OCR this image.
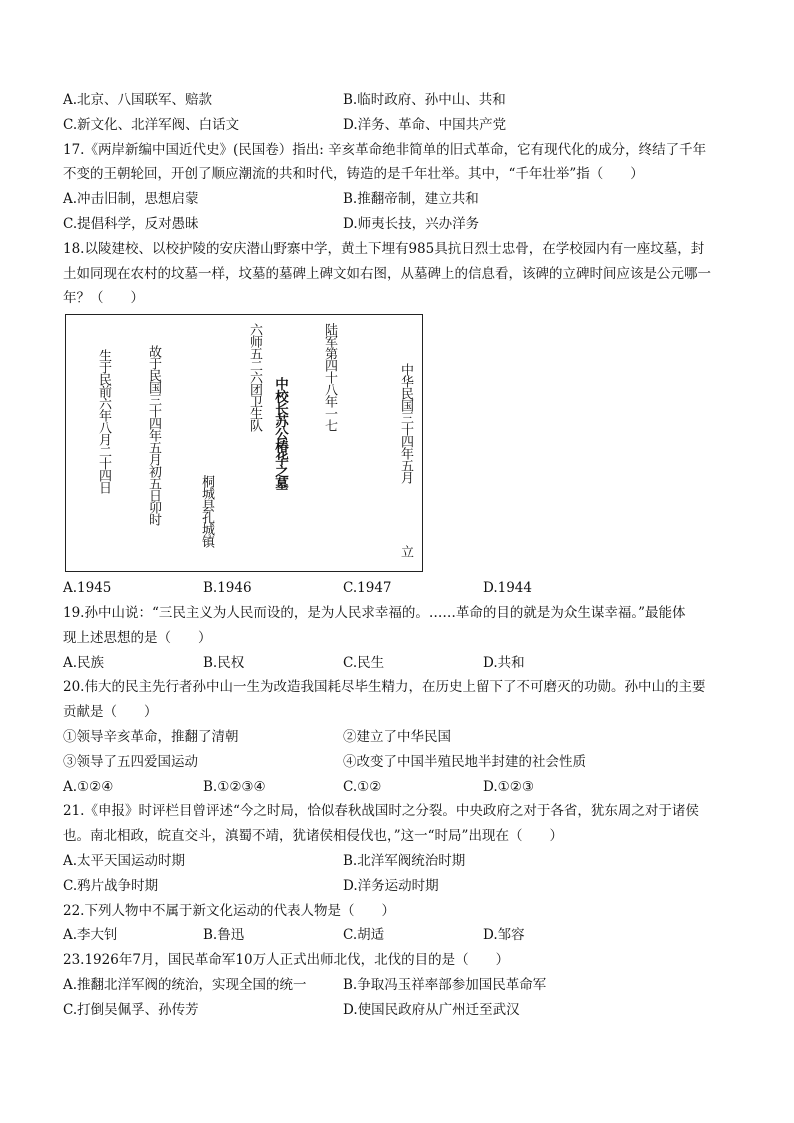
A.北京、八国联军、赔款	B.临时政府、孙中山、共和
C.新文化、北洋军阀、白话文	D.洋务、革命、中国共产党
17.《两岸新编中国近代史》(民国卷）指出: 辛亥革命绝非简单的旧式革命，它有现代化的成分，终结了千年
不变的王朝轮回，开创了顺应潮流的共和时代，铸造的是千年壮举。其中，“千年壮举”指（　　）
A.冲击旧制，思想启蒙	B.推翻帝制，建立共和
C.提倡科学，反对愚昧	D.师夷长技，兴办洋务
18.以陵建校、以校护陵的安庆潜山野寨中学，黄土下埋有985具抗日烈士忠骨，在学校园内有一座坟墓，封
土如同现在农村的坟墓一样，坟墓的墓碑上碑文如右图，从墓碑上的信息看，该碑的立碑时间应该是公元哪一
年？（　　）
中华民国三十四年五月
立
陆军第四十八年一七
中校长苏公椿华之墓
六师五二六团卫生队
桐城县孔城镇
故于民国三十四年五月初五日卯时
生于民前六年八月二十四日
A.1945	B.1946	C.1947	D.1944
19.孙中山说：“三民主义为人民而设的，是为人民求幸福的。……革命的目的就是为众生谋幸福。”最能体
现上述思想的是（　　）
A.民族	B.民权	C.民生	D.共和
20.伟大的民主先行者孙中山一生为改造我国耗尽毕生精力，在历史上留下了不可磨灭的功勋。孙中山的主要
贡献是（　　）
①领导辛亥革命，推翻了清朝	②建立了中华民国
③领导了五四爱国运动	④改变了中国半殖民地半封建的社会性质
A.①②④	B.①②③④	C.①②	D.①②③
21.《申报》时评栏目曾评述“今之时局，恰似春秋战国时之分裂。中央政府之对于各省，犹东周之对于诸侯
也。南北相政，皖直交斗，滇蜀不靖，犹诸侯相侵伐也，”这一“时局”出现在（　　）
A.太平天国运动时期	B.北洋军阀统治时期
C.鸦片战争时期	D.洋务运动时期
22.下列人物中不属于新文化运动的代表人物是（　　）
A.李大钊	B.鲁迅	C.胡适	D.邹容
23.1926年7月，国民革命军10万人正式出师北伐，北伐的目的是（　　）
A.推翻北洋军阀的统治，实现全国的统一	B.争取冯玉祥率部参加国民革命军
C.打倒吴佩孚、孙传芳	D.使国民政府从广州迁至武汉
